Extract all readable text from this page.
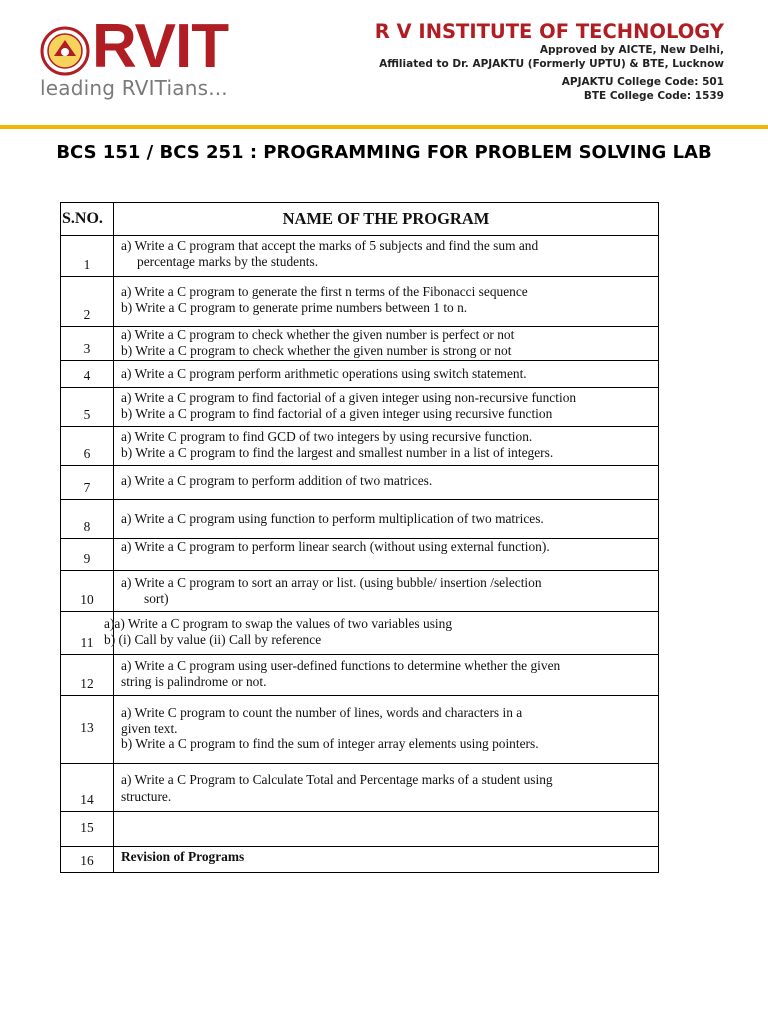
RVIT
leading RVITians...
R V INSTITUTE OF TECHNOLOGY
Approved by AICTE, New Delhi,
Affiliated to Dr. APJAKTU (Formerly UPTU) & BTE, Lucknow
APJAKTU College Code: 501
BTE College Code: 1539
BCS 151 / BCS 251 : PROGRAMMING FOR PROBLEM SOLVING LAB
S.NO.	NAME OF THE PROGRAM
1	a) Write a C program that accept the marks of 5 subjects and find the sum and
percentage marks by the students.

2	a) Write a C program to generate the first n terms of the Fibonacci sequence
b) Write a C program to generate prime numbers between 1 to n.

3	a) Write a C program to check whether the given number is perfect or not
b) Write a C program to check whether the given number is strong or not

4	a) Write a C program perform arithmetic operations using switch statement.

5	a) Write a C program to find factorial of a given integer using non-recursive function
b) Write a C program to find factorial of a given integer using recursive function

6	a) Write C program to find GCD of two integers by using recursive function.
b) Write a C program to find the largest and smallest number in a list of integers.

7	a) Write a C program to perform addition of two matrices.

8	a) Write a C program using function to perform multiplication of two matrices.

9	a) Write a C program to perform linear search (without using external function).

10	a) Write a C program to sort an array or list. (using bubble/ insertion /selection
sort)

11	a)a) Write a C program to swap the values of two variables using
b) (i) Call by value (ii) Call by reference

12	a) Write a C program using user-defined functions to determine whether the given
string is palindrome or not.

13	a) Write C program to count the number of lines, words and characters in a
given text.
b) Write a C program to find the sum of integer array elements using pointers.

14	a) Write a C Program to Calculate Total and Percentage marks of a student using
structure.

15	
16	Revision of Programs
